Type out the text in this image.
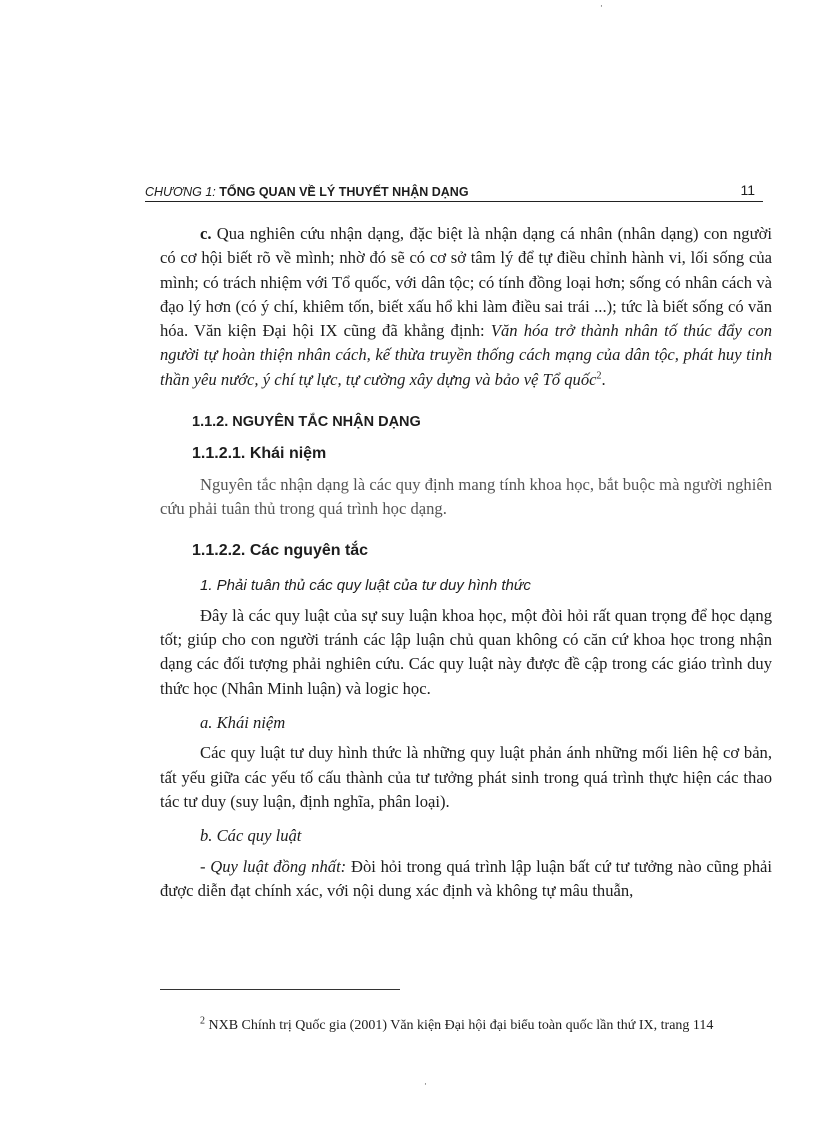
·
CHƯƠNG 1: TỔNG QUAN VỀ LÝ THUYẾT NHẬN DẠNG	11

c. Qua nghiên cứu nhận dạng, đặc biệt là nhận dạng cá nhân (nhân dạng) con người có cơ hội biết rõ về mình; nhờ đó sẽ có cơ sở tâm lý để tự điều chỉnh hành vi, lối sống của mình; có trách nhiệm với Tổ quốc, với dân tộc; có tính đồng loại hơn; sống có nhân cách và đạo lý hơn (có ý chí, khiêm tốn, biết xấu hổ khi làm điều sai trái ...); tức là biết sống có văn hóa. Văn kiện Đại hội IX cũng đã khẳng định: Văn hóa trở thành nhân tố thúc đẩy con người tự hoàn thiện nhân cách, kế thừa truyền thống cách mạng của dân tộc, phát huy tinh thần yêu nước, ý chí tự lực, tự cường xây dựng và bảo vệ Tổ quốc$^2$.

1.1.2. NGUYÊN TẮC NHẬN DẠNG

1.1.2.1. Khái niệm

Nguyên tắc nhận dạng là các quy định mang tính khoa học, bắt buộc mà người nghiên cứu phải tuân thủ trong quá trình học dạng.

1.1.2.2. Các nguyên tắc

1. Phải tuân thủ các quy luật của tư duy hình thức

Đây là các quy luật của sự suy luận khoa học, một đòi hỏi rất quan trọng để học dạng tốt; giúp cho con người tránh các lập luận chủ quan không có căn cứ khoa học trong nhận dạng các đối tượng phải nghiên cứu. Các quy luật này được đề cập trong các giáo trình duy thức học (Nhân Minh luận) và logic học.

a. Khái niệm

Các quy luật tư duy hình thức là những quy luật phản ánh những mối liên hệ cơ bản, tất yếu giữa các yếu tố cấu thành của tư tưởng phát sinh trong quá trình thực hiện các thao tác tư duy (suy luận, định nghĩa, phân loại).

b. Các quy luật

- Quy luật đồng nhất: Đòi hỏi trong quá trình lập luận bất cứ tư tưởng nào cũng phải được diễn đạt chính xác, với nội dung xác định và không tự mâu thuẫn,

$^2$ NXB Chính trị Quốc gia (2001) Văn kiện Đại hội đại biểu toàn quốc lần thứ IX, trang 114
·
